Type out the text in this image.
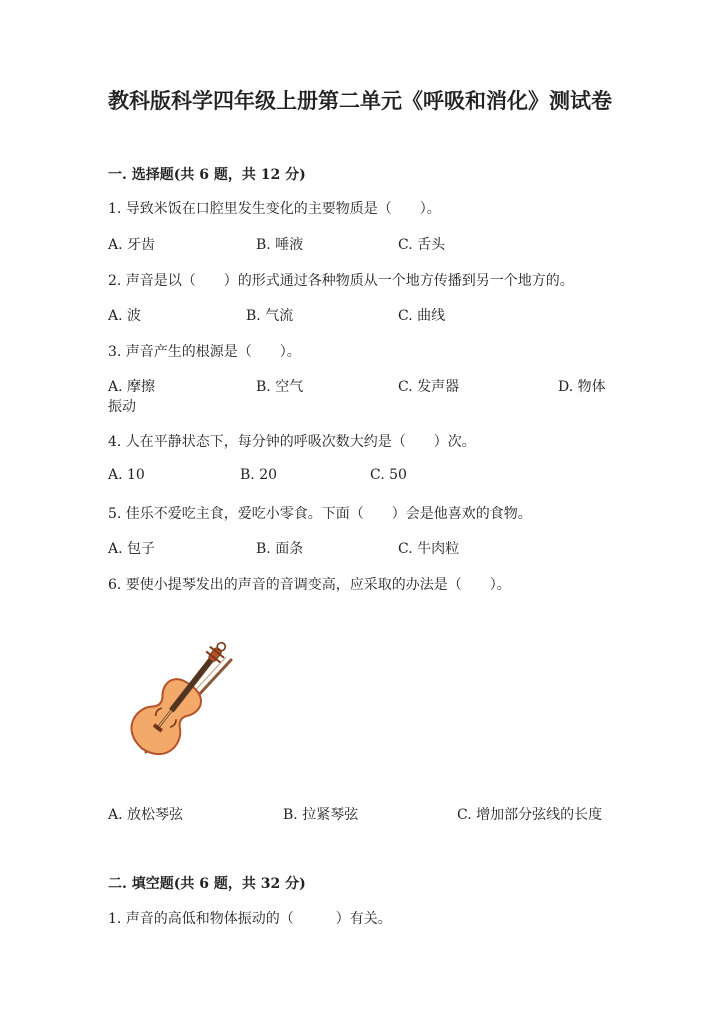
教科版科学四年级上册第二单元《呼吸和消化》测试卷

一. 选择题(共 6 题，共 12 分)

1. 导致米饭在口腔里发生变化的主要物质是（　　）。

A. 牙齿	B. 唾液	C. 舌头

2. 声音是以（　　）的形式通过各种物质从一个地方传播到另一个地方的。

A. 波	B. 气流	C. 曲线

3. 声音产生的根源是（　　）。

A. 摩擦	B. 空气	C. 发声器	D. 物体

振动

4. 人在平静状态下，每分钟的呼吸次数大约是（　　）次。

A. 10	B. 20	C. 50

5. 佳乐不爱吃主食，爱吃小零食。下面（　　）会是他喜欢的食物。

A. 包子	B. 面条	C. 牛肉粒

6. 要使小提琴发出的声音的音调变高，应采取的办法是（　　）。

A. 放松琴弦	B. 拉紧琴弦	C. 增加部分弦线的长度

二. 填空题(共 6 题，共 32 分)

1. 声音的高低和物体振动的（　　　）有关。
